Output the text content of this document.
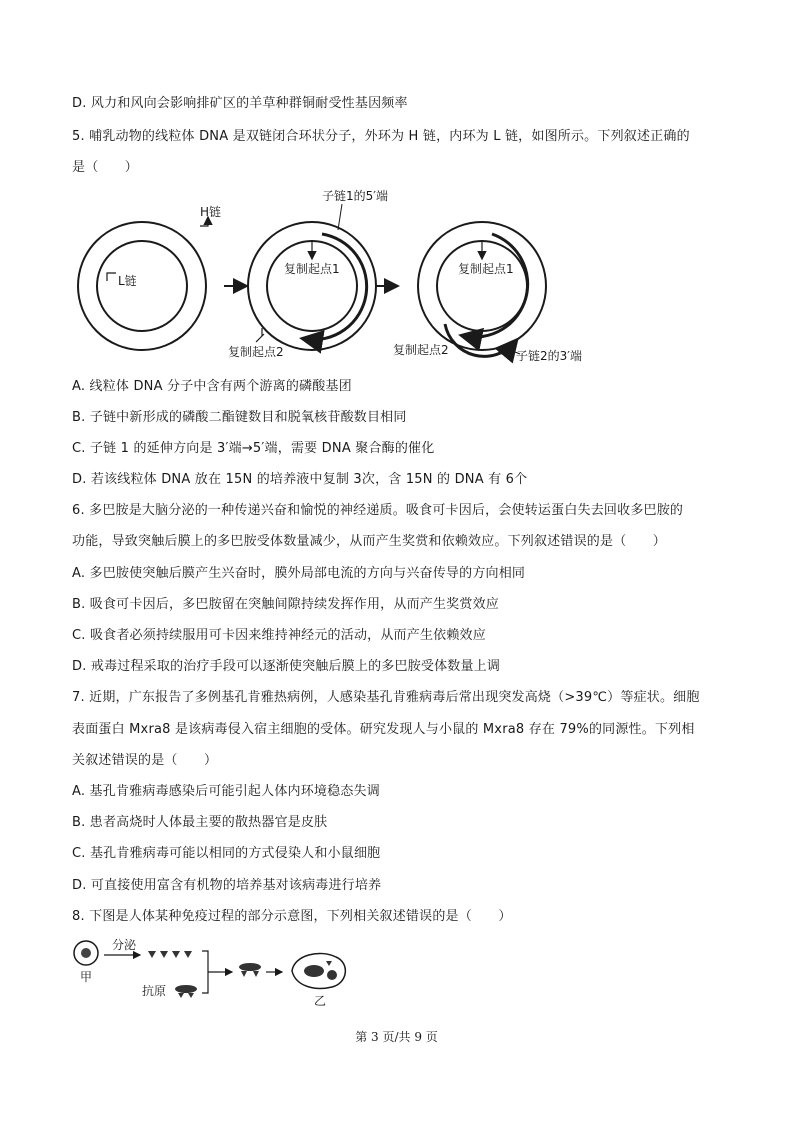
D. 风力和风向会影响排矿区的羊草种群铜耐受性基因频率
5. 哺乳动物的线粒体 DNA 是双链闭合环状分子，外环为 H 链，内环为 L 链，如图所示。下列叙述正确的
是（　　）
H链
L链
复制起点1
子链1的5′端
复制起点2
复制起点1
复制起点2	子链2的3′端
A. 线粒体 DNA 分子中含有两个游离的磷酸基团
B. 子链中新形成的磷酸二酯键数目和脱氧核苷酸数目相同
C. 子链 1 的延伸方向是 3′端→5′端，需要 DNA 聚合酶的催化
D. 若该线粒体 DNA 放在 15N 的培养液中复制 3次，含 15N 的 DNA 有 6个
6. 多巴胺是大脑分泌的一种传递兴奋和愉悦的神经递质。吸食可卡因后，会使转运蛋白失去回收多巴胺的
功能，导致突触后膜上的多巴胺受体数量减少，从而产生奖赏和依赖效应。下列叙述错误的是（　　）
A. 多巴胺使突触后膜产生兴奋时，膜外局部电流的方向与兴奋传导的方向相同
B. 吸食可卡因后，多巴胺留在突触间隙持续发挥作用，从而产生奖赏效应
C. 吸食者必须持续服用可卡因来维持神经元的活动，从而产生依赖效应
D. 戒毒过程采取的治疗手段可以逐渐使突触后膜上的多巴胺受体数量上调
7. 近期，广东报告了多例基孔肯雅热病例，人感染基孔肯雅病毒后常出现突发高烧（>39℃）等症状。细胞
表面蛋白 Mxra8 是该病毒侵入宿主细胞的受体。研究发现人与小鼠的 Mxra8 存在 79%的同源性。下列相
关叙述错误的是（　　）
A. 基孔肯雅病毒感染后可能引起人体内环境稳态失调
B. 患者高烧时人体最主要的散热器官是皮肤
C. 基孔肯雅病毒可能以相同的方式侵染人和小鼠细胞
D. 可直接使用富含有机物的培养基对该病毒进行培养
8. 下图是人体某种免疫过程的部分示意图，下列相关叙述错误的是（　　）
甲
分泌
抗原
乙
第 3 页/共 9 页
